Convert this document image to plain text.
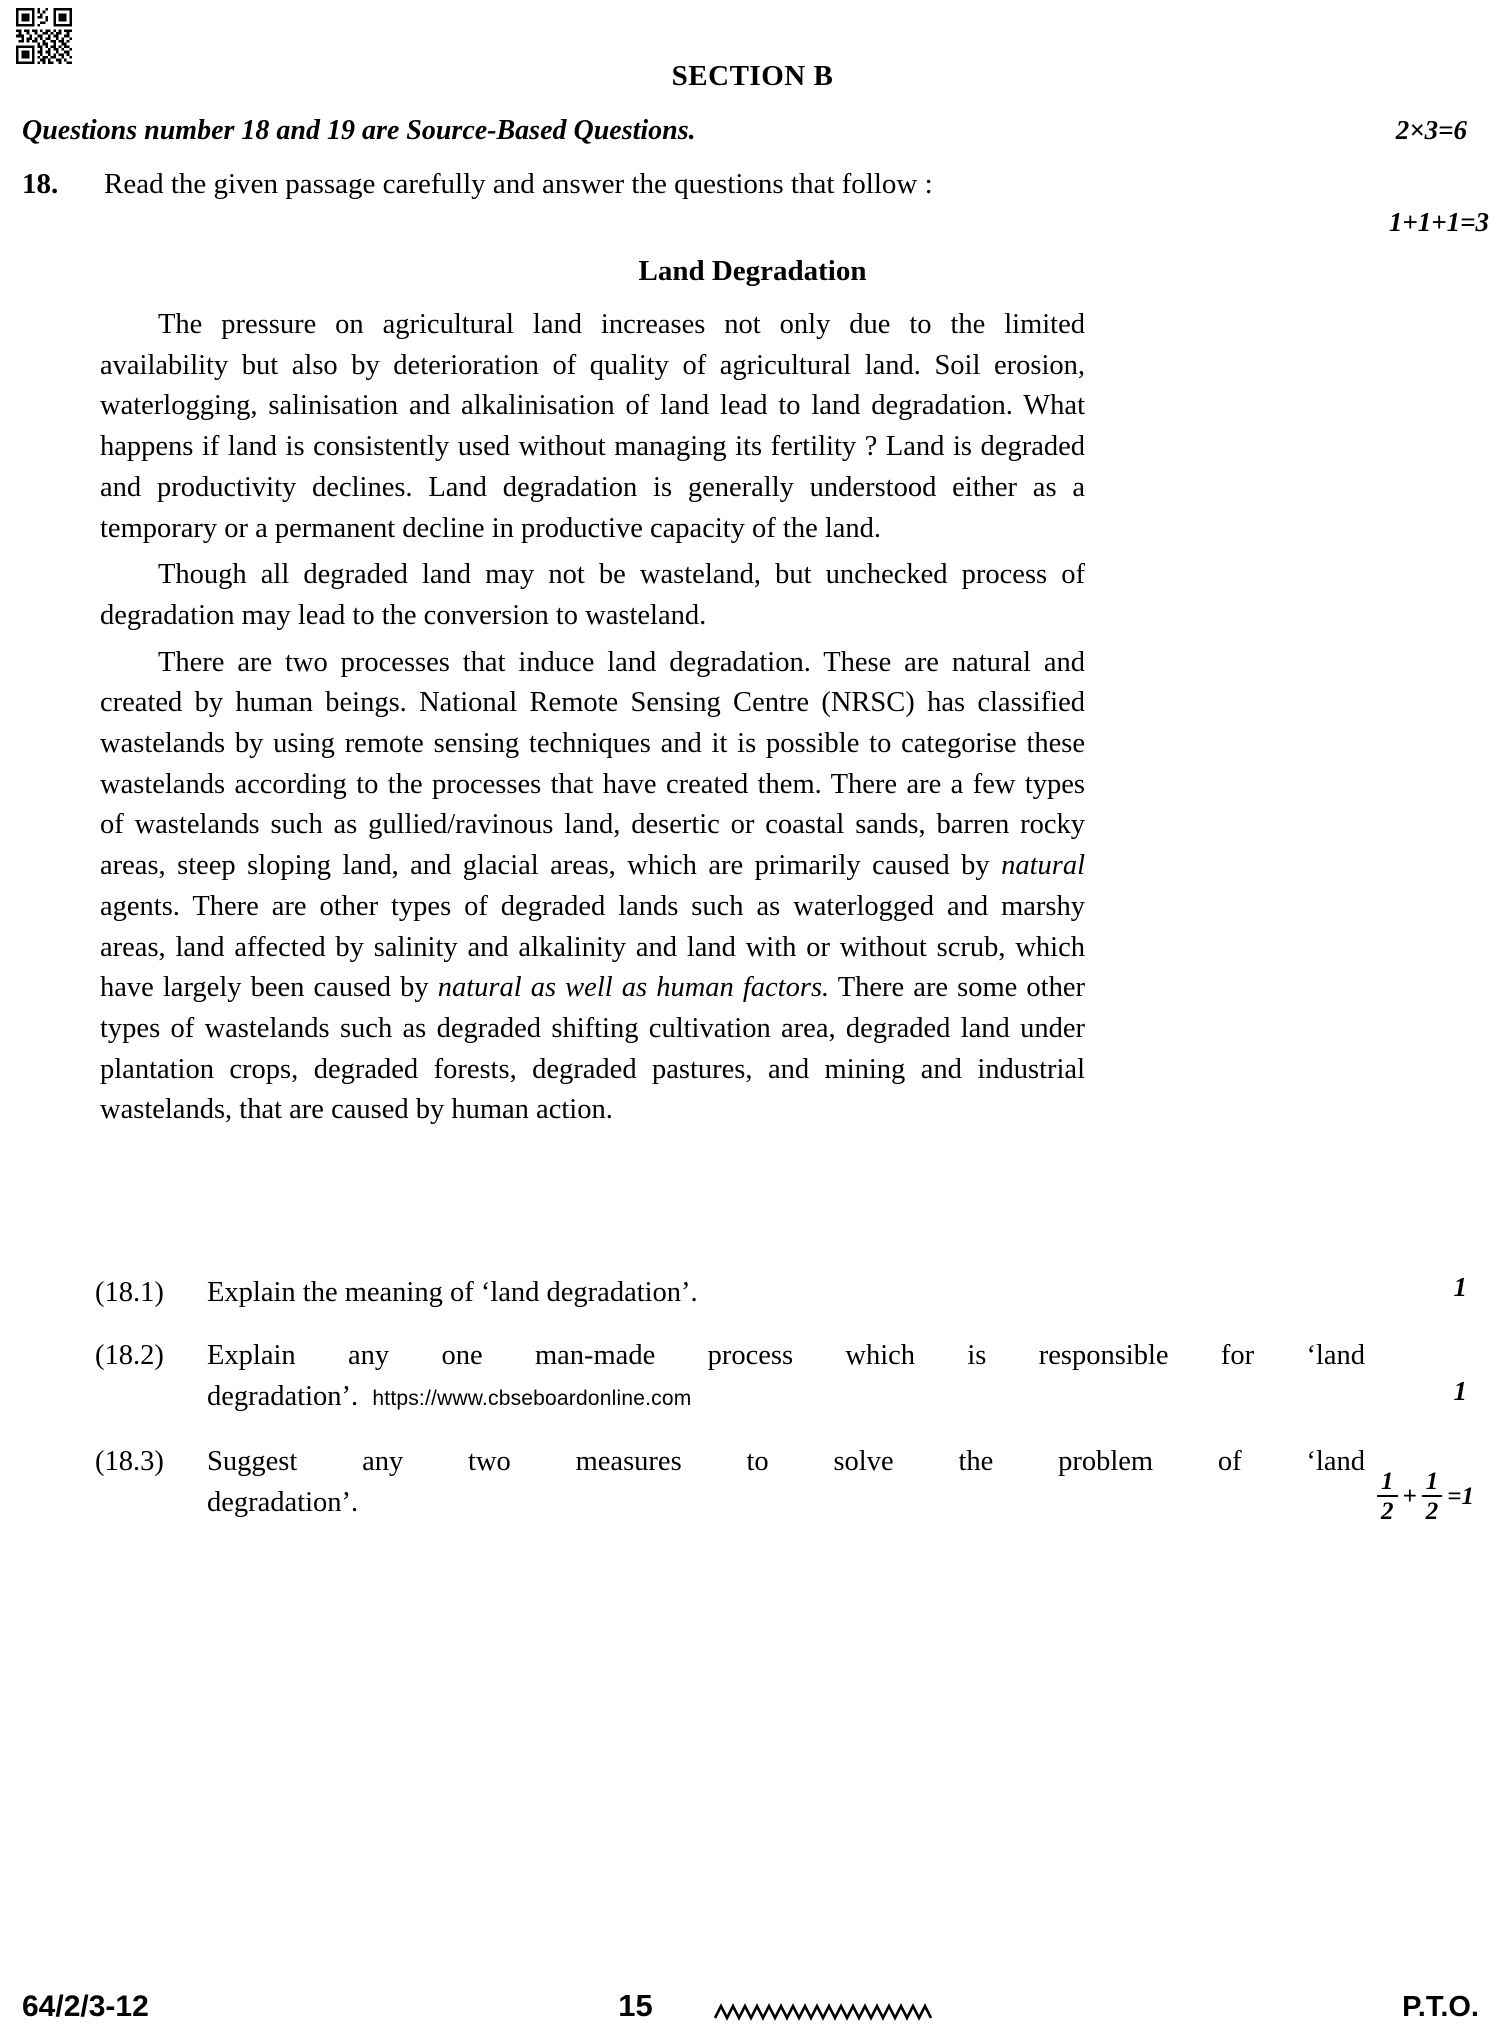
SECTION B
Questions number 18 and 19 are Source-Based Questions.	2×3=6
18.	Read the given passage carefully and answer the questions that follow :
1+1+1=3
Land Degradation

The pressure on agricultural land increases not only due to the limited availability but also by deterioration of quality of agricultural land. Soil erosion, waterlogging, salinisation and alkalinisation of land lead to land degradation. What happens if land is consistently used without managing its fertility ? Land is degraded and productivity declines. Land degradation is generally understood either as a temporary or a permanent decline in productive capacity of the land.

Though all degraded land may not be wasteland, but unchecked process of degradation may lead to the conversion to wasteland.

There are two processes that induce land degradation. These are natural and created by human beings. National Remote Sensing Centre (NRSC) has classified wastelands by using remote sensing techniques and it is possible to categorise these wastelands according to the processes that have created them. There are a few types of wastelands such as gullied/ravinous land, desertic or coastal sands, barren rocky areas, steep sloping land, and glacial areas, which are primarily caused by natural agents. There are other types of degraded lands such as waterlogged and marshy areas, land affected by salinity and alkalinity and land with or without scrub, which have largely been caused by natural as well as human factors. There are some other types of wastelands such as degraded shifting cultivation area, degraded land under plantation crops, degraded forests, degraded pastures, and mining and industrial wastelands, that are caused by human action.

(18.1)	Explain the meaning of ‘land degradation’.	1
(18.2)	Explain any one man-made process which is responsible for ‘land
degradation’. https://www.cbseboardonline.com	1
(18.3)	Suggest any two measures to solve the problem of ‘land
degradation’.	$\frac{1}{2} + \frac{1}{2} =1$
64/2/3-12	15	P.T.O.
